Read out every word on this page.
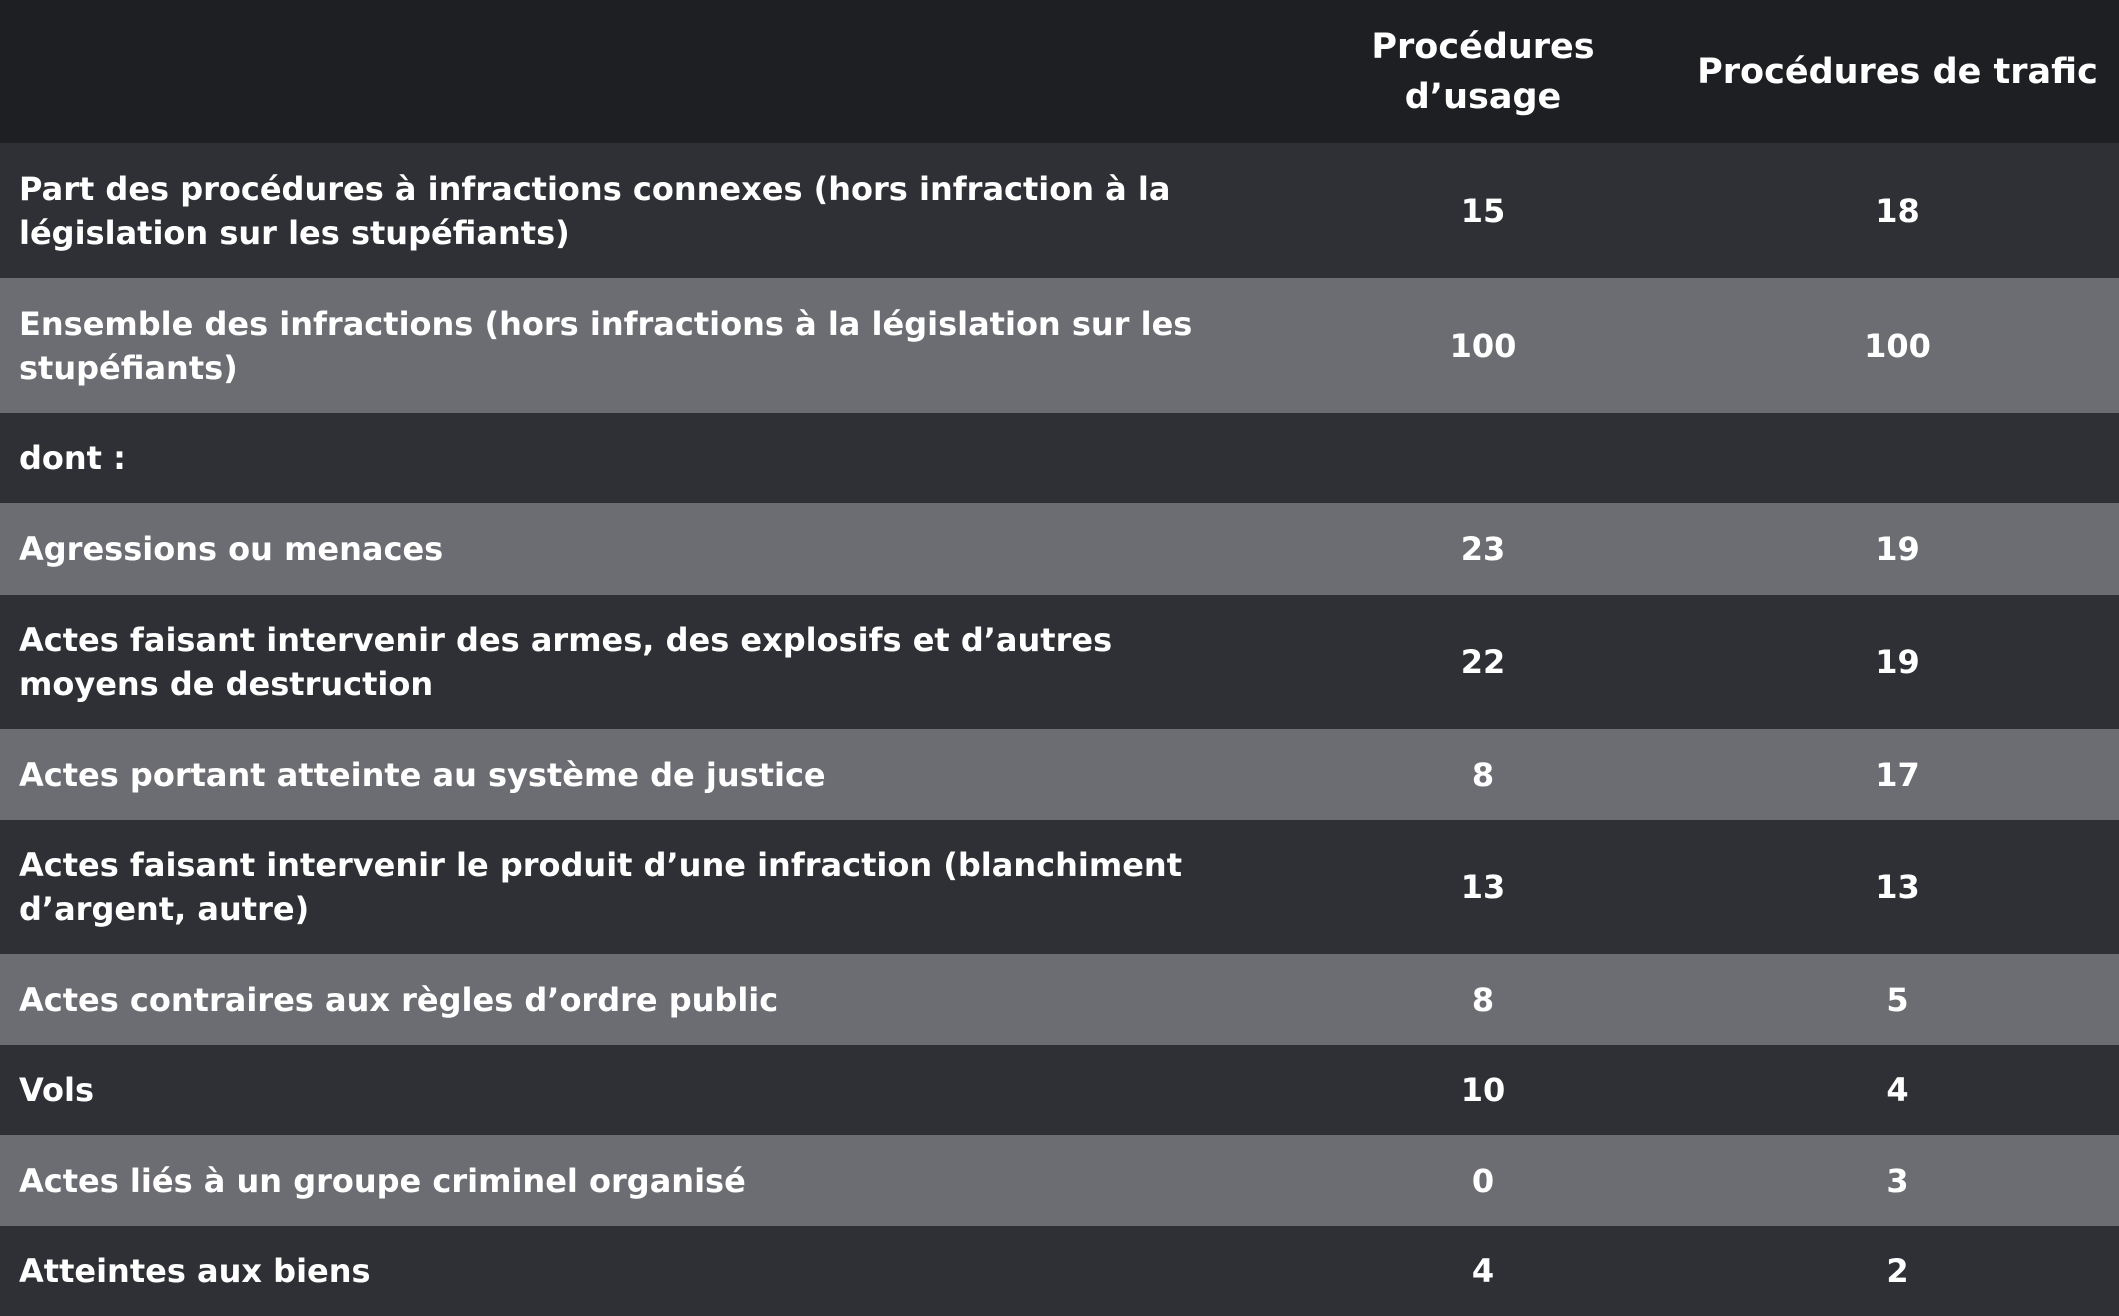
	Procédures d’usage	Procédures de trafic
Part des procédures à infractions connexes (hors infraction à la législation sur les stupéfiants)	15	18
Ensemble des infractions (hors infractions à la législation sur les stupéfiants)	100	100
dont :		
Agressions ou menaces	23	19
Actes faisant intervenir des armes, des explosifs et d’autres moyens de destruction	22	19
Actes portant atteinte au système de justice	8	17
Actes faisant intervenir le produit d’une infraction (blanchiment d’argent, autre)	13	13
Actes contraires aux règles d’ordre public	8	5
Vols	10	4
Actes liés à un groupe criminel organisé	0	3
Atteintes aux biens	4	2
